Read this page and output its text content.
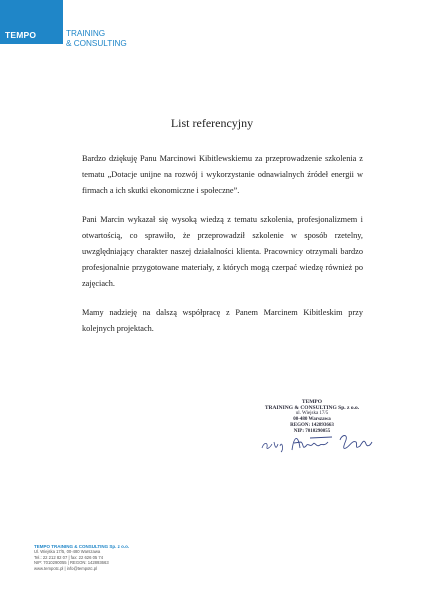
TEMPO	TRAINING
& CONSULTING
List referencyjny

Bardzo dziękuję Panu Marcinowi Kibitlewskiemu za przeprowadzenie szkolenia z tematu „Dotacje unijne na rozwój i wykorzystanie odnawialnych źródeł energii w firmach a ich skutki ekonomiczne i społeczne”.

Pani Marcin wykazał się wysoką wiedzą z tematu szkolenia, profesjonalizmem i otwartością, co sprawiło, że przeprowadził szkolenie w sposób rzetelny, uwzględniający charakter naszej działalności klienta. Pracownicy otrzymali bardzo profesjonalnie przygotowane materiały, z których mogą czerpać wiedzę również po zajęciach.

Mamy nadzieję na dalszą współpracę z Panem Marcinem Kibitleskim przy kolejnych projektach.

TEMPO
TRAINING & CONSULTING Sp. z o.o.
ul. Wiejska 17/5
00-480 Warszawa
REGON: 142893663
NIP: 7010290055
TEMPO TRAINING & CONSULTING Sp. z o.o.
Ul. Wiejska 17/5, 00-480 Warszawa
Tel.: 22 212 82 07 | fax: 22 626 05 74
NIP: 7010290055 | REGON: 142893663
www.tempotc.pl | info@tempotc.pl
